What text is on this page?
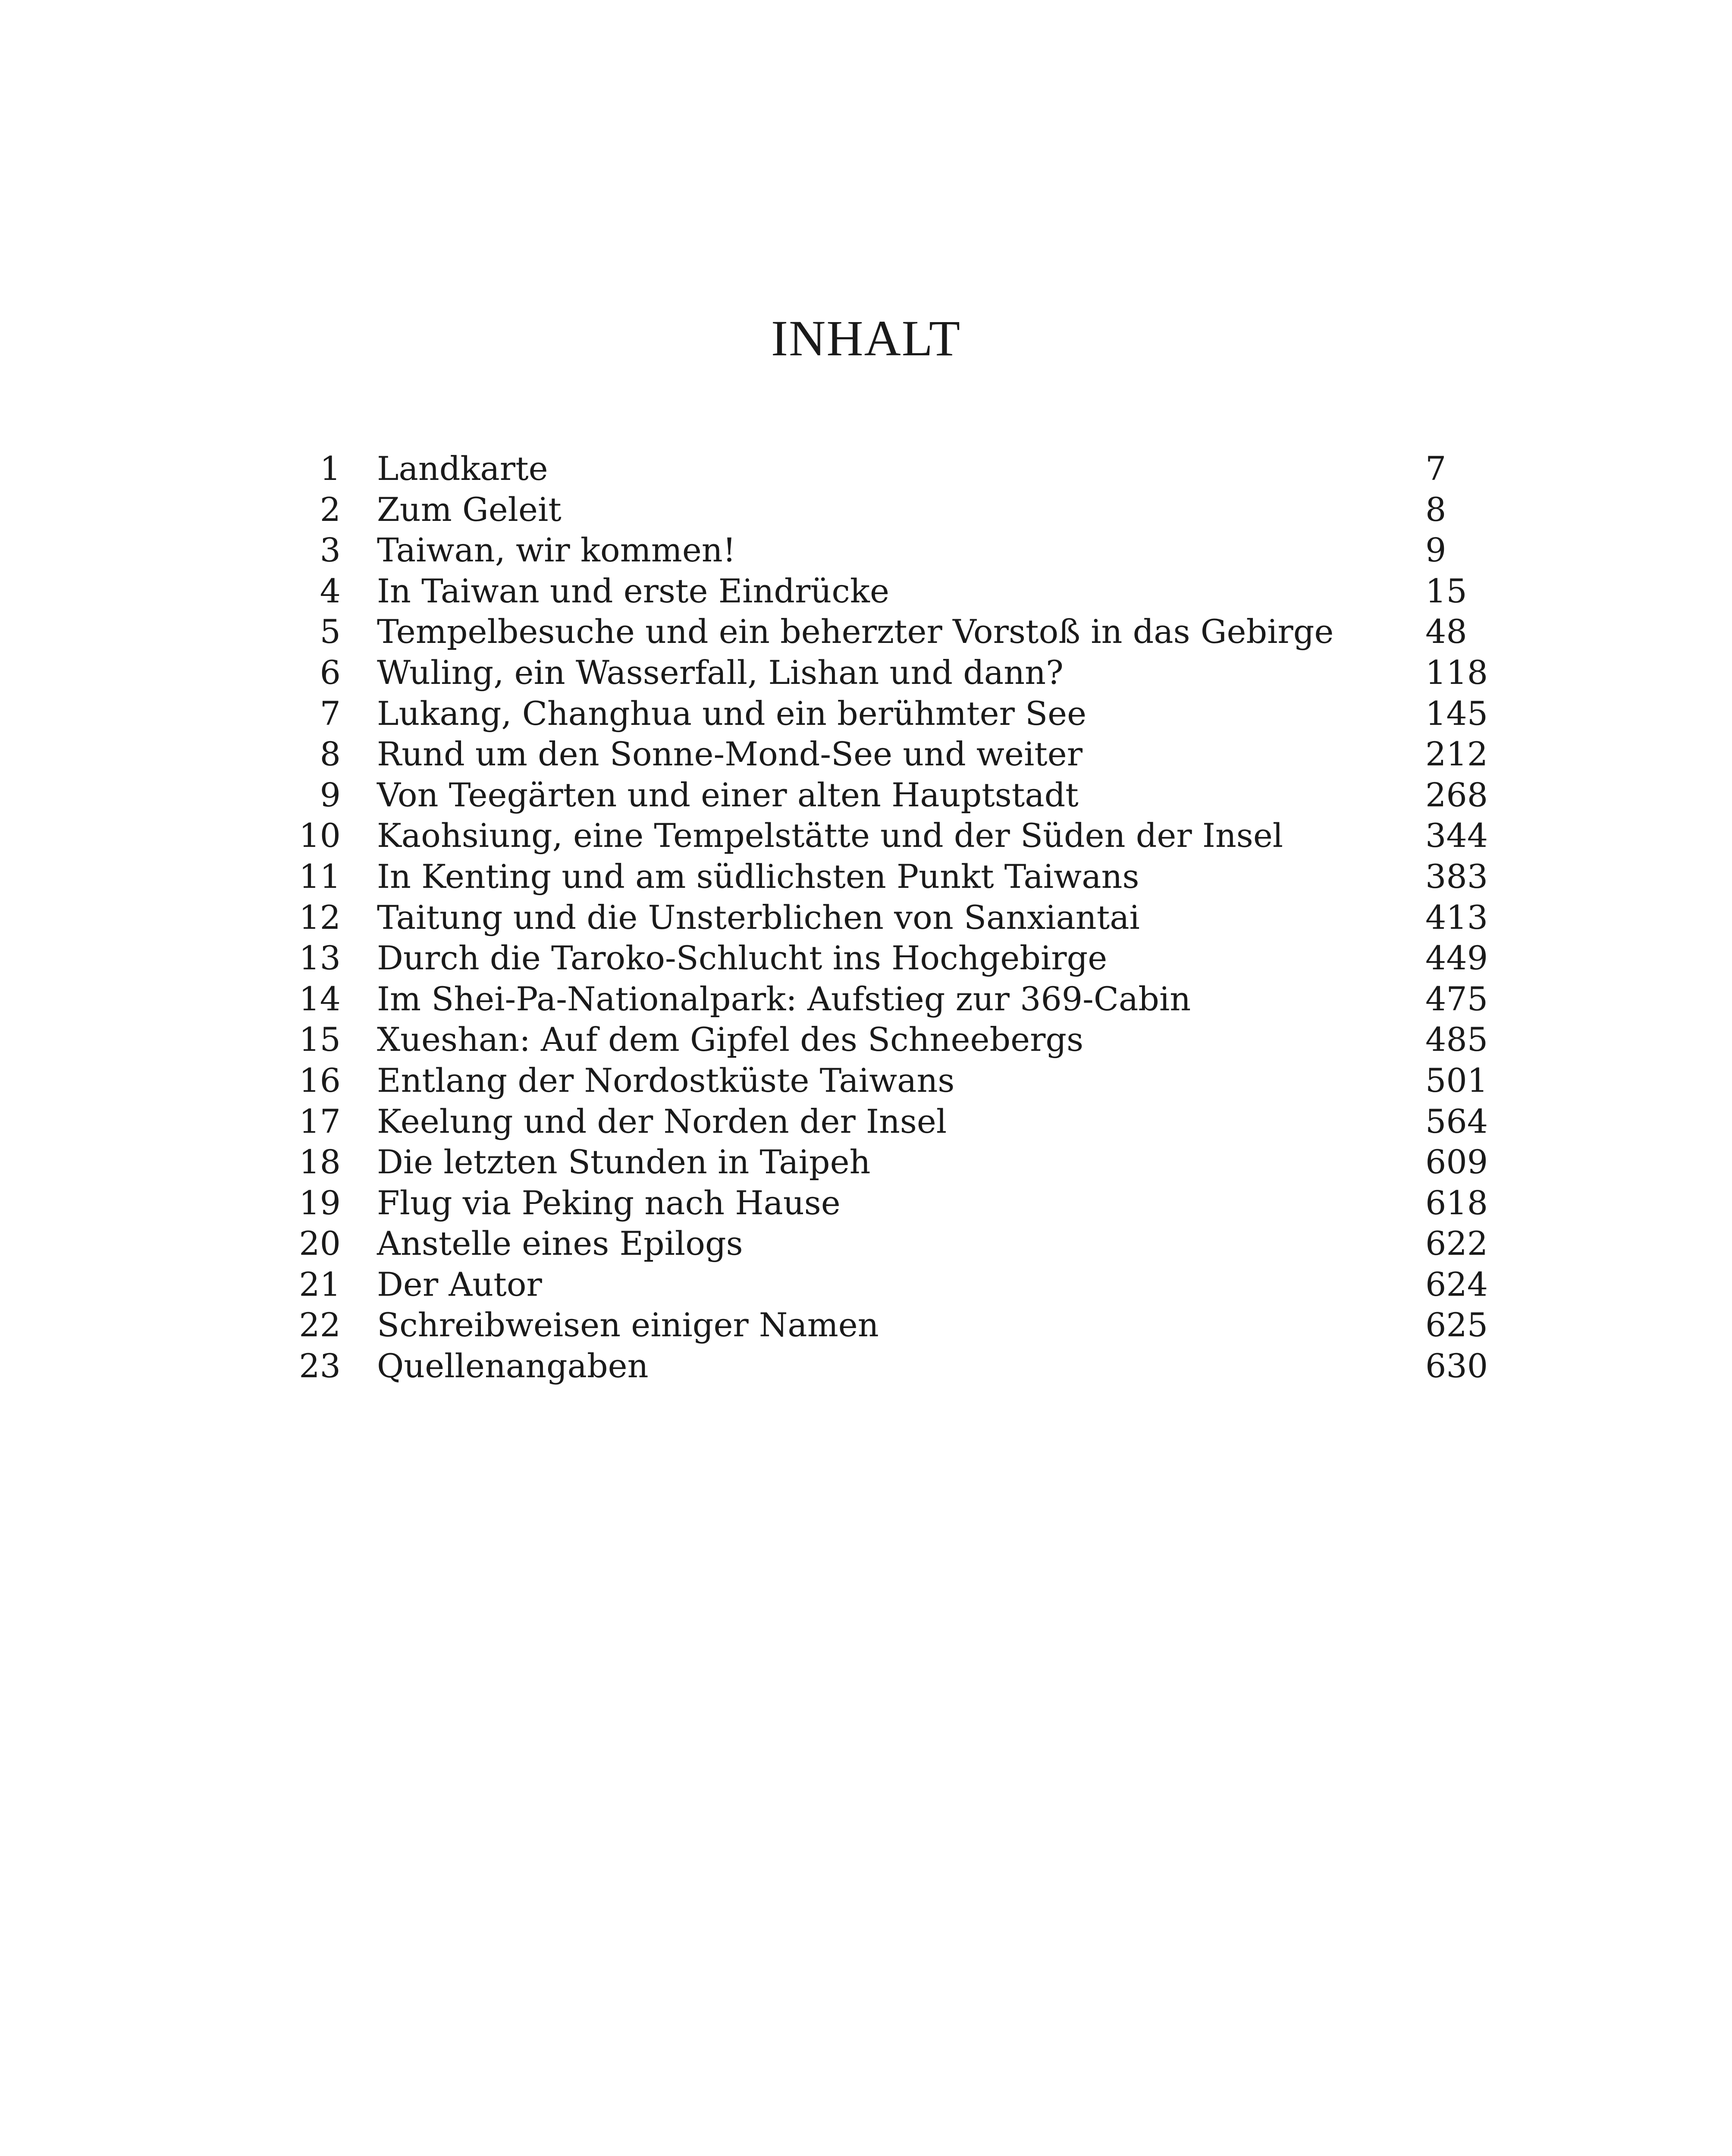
INHALT
1 Landkarte	7
2 Zum Geleit	8
3 Taiwan, wir kommen!	9
4 In Taiwan und erste Eindrücke	15
5 Tempelbesuche und ein beherzter Vorstoß in das Gebirge	48
6 Wuling, ein Wasserfall, Lishan und dann?	118
7 Lukang, Changhua und ein berühmter See	145
8 Rund um den Sonne-Mond-See und weiter	212
9 Von Teegärten und einer alten Hauptstadt	268
10 Kaohsiung, eine Tempelstätte und der Süden der Insel	344
11 In Kenting und am südlichsten Punkt Taiwans	383
12 Taitung und die Unsterblichen von Sanxiantai	413
13 Durch die Taroko-Schlucht ins Hochgebirge	449
14 Im Shei-Pa-Nationalpark: Aufstieg zur 369-Cabin	475
15 Xueshan: Auf dem Gipfel des Schneebergs	485
16 Entlang der Nordostküste Taiwans	501
17 Keelung und der Norden der Insel	564
18 Die letzten Stunden in Taipeh	609
19 Flug via Peking nach Hause	618
20 Anstelle eines Epilogs	622
21 Der Autor	624
22 Schreibweisen einiger Namen	625
23 Quellenangaben	630
